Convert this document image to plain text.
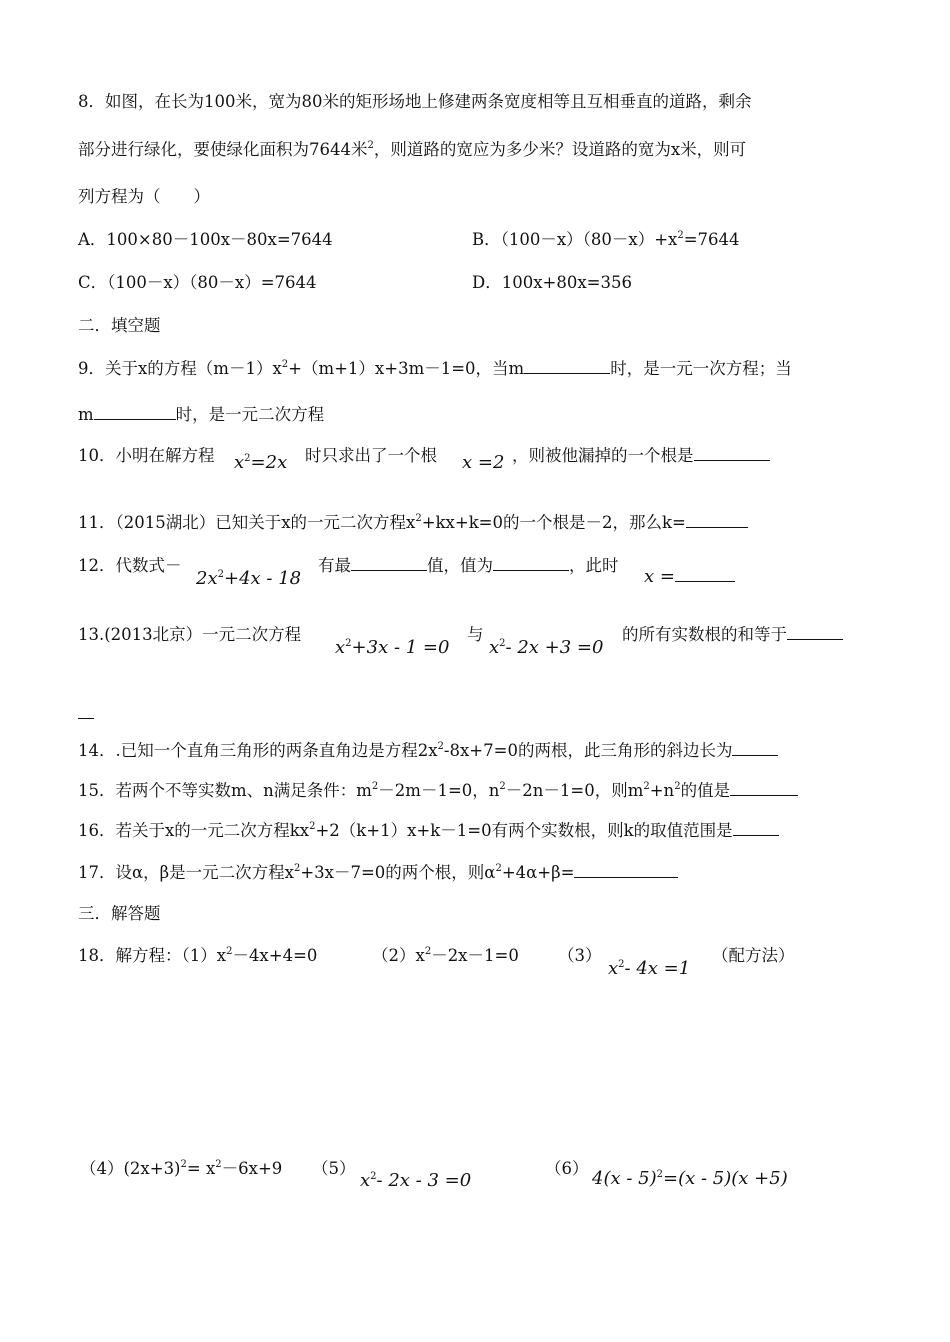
8．如图，在长为100米，宽为80米的矩形场地上修建两条宽度相等且互相垂直的道路，剩余
部分进行绿化，要使绿化面积为7644米$^2$，则道路的宽应为多少米？设道路的宽为x米，则可
列方程为（　　）
A．100×80－100x－80x=7644	B．$(100-x)(80-x)+x^2=7644$
C．（100－x）（80－x）=7644	D．100x+80x=356
二．填空题
9．关于x的方程$(m-1)x^2+(m+1)x+3m-1=0$，当m	时，是一元一次方程；当
m	时，是一元二次方程
10．小明在解方程 $x^2=2x$ 时只求出了一个根 x =2 ，则被他漏掉的一个根是
11．（2015湖北）已知关于x的一元二次方程$x^2+kx+k=0$的一个根是－2，那么k=
12．代数式－
$2x^2+4x - 18$
有最	值，值为	，此时
x =
13.(2013北京）一元二次方程
$x^2+3x - 1 =0$
与
$x^2-$ 2x +3 =0
的所有实数根的和等于
14．.已知一个直角三角形的两条直角边是方程$2x^2-8x+7=0$的两根，此三角形的斜边长为
15．若两个不等实数m、n满足条件：$m^2-2m-1=0$，$n^2-2n-1=0$，则$m^2+n^2$的值是
16．若关于x的一元二次方程$kx^2+2(k+1)x+k-1=0$有两个实数根，则k的取值范围是
17．设α，β是一元二次方程$x^2+3x-7=0$的两个根，则$\alpha^2+4\alpha+\beta=$
三．解答题
18．解方程：$(1)x^2-4x+4=0$	$(2)x^2-2x-1=0$ （3）
$x^2-$ 4x =1
（配方法）
$(4)(2x+3)^2= x^2-6x+9$ （5）
$x^2-$ 2x - 3 =0
（6） 4(x - 5)$^2$=(x - 5)(x +5)
